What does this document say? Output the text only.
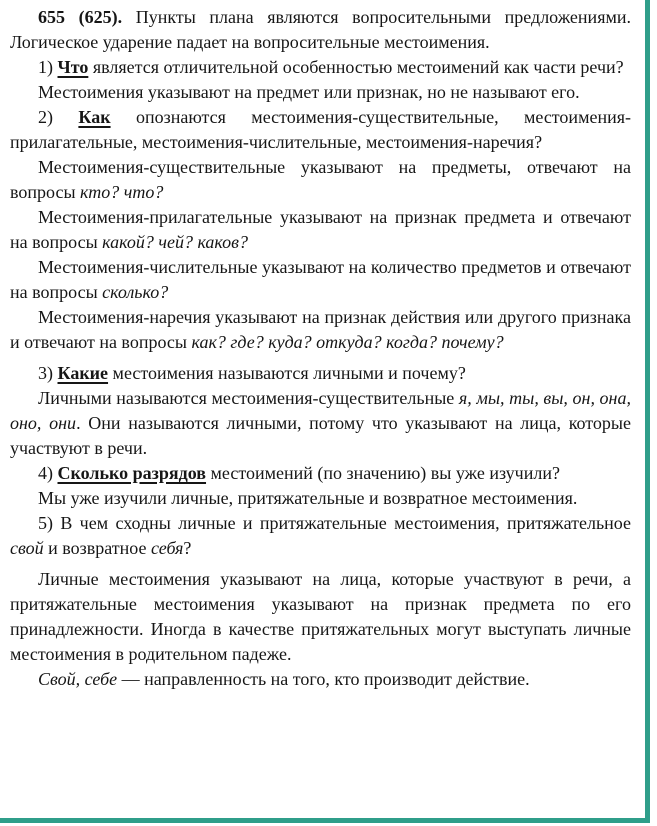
655 (625). Пункты плана являются вопросительными предложениями. Логическое ударение падает на вопросительные местоимения.

1) Что является отличительной особенностью местоимений как части речи?

Местоимения указывают на предмет или признак, но не называют его.

2) Как опознаются местоимения-существительные, местоимения-прилагательные, местоимения-числительные, местоимения-наречия?

Местоимения-существительные указывают на предметы, отвечают на вопросы кто? что?

Местоимения-прилагательные указывают на признак предмета и отвечают на вопросы какой? чей? каков?

Местоимения-числительные указывают на количество предметов и отвечают на вопросы сколько?

Местоимения-наречия указывают на признак действия или другого признака и отвечают на вопросы как? где? куда? откуда? когда? почему?

3) Какие местоимения называются личными и почему?

Личными называются местоимения-существительные я, мы, ты, вы, он, она, оно, они. Они называются личными, потому что указывают на лица, которые участвуют в речи.

4) Сколько разрядов местоимений (по значению) вы уже изучили?

Мы уже изучили личные, притяжательные и возвратное местоимения.

5) В чем сходны личные и притяжательные местоимения, притяжательное свой и возвратное себя?

Личные местоимения указывают на лица, которые участвуют в речи, а притяжательные местоимения указывают на признак предмета по его принадлежности. Иногда в качестве притяжательных могут выступать личные местоимения в родительном падеже.

Свой, себе — направленность на того, кто производит действие.
